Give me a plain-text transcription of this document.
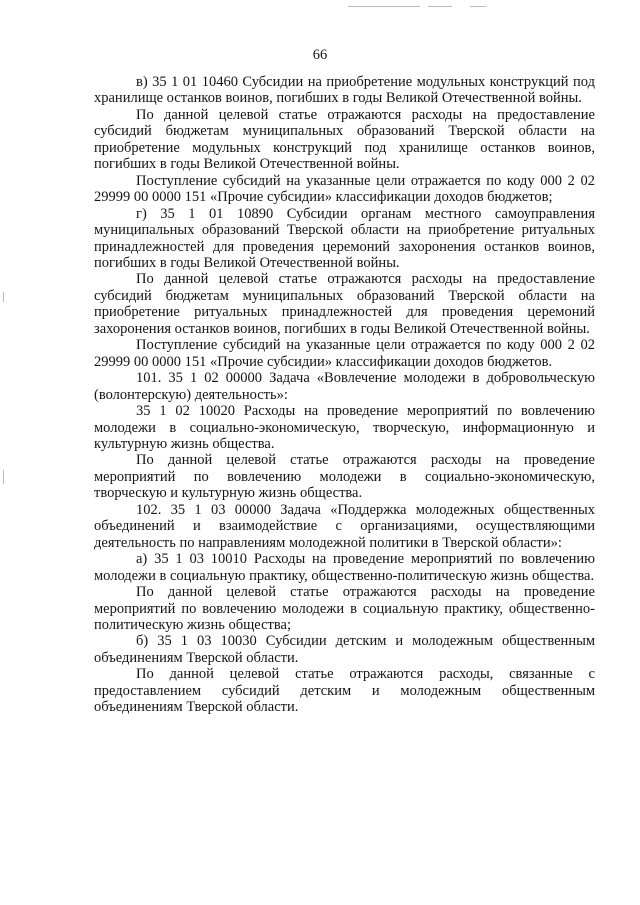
66

в) 35 1 01 10460 Субсидии на приобретение модульных конструкций под хранилище останков воинов, погибших в годы Великой Отечественной войны.

По данной целевой статье отражаются расходы на предоставление субсидий бюджетам муниципальных образований Тверской области на приобретение модульных конструкций под хранилище останков воинов, погибших в годы Великой Отечественной войны.

Поступление субсидий на указанные цели отражается по коду 000 2 02 29999 00 0000 151 «Прочие субсидии» классификации доходов бюджетов;

г) 35 1 01 10890 Субсидии органам местного самоуправления муниципальных образований Тверской области на приобретение ритуальных принадлежностей для проведения церемоний захоронения останков воинов, погибших в годы Великой Отечественной войны.

По данной целевой статье отражаются расходы на предоставление субсидий бюджетам муниципальных образований Тверской области на приобретение ритуальных принадлежностей для проведения церемоний захоронения останков воинов, погибших в годы Великой Отечественной войны.

Поступление субсидий на указанные цели отражается по коду 000 2 02 29999 00 0000 151 «Прочие субсидии» классификации доходов бюджетов.

101. 35 1 02 00000 Задача «Вовлечение молодежи в добровольческую (волонтерскую) деятельность»:

35 1 02 10020 Расходы на проведение мероприятий по вовлечению молодежи в социально-экономическую, творческую, информационную и культурную жизнь общества.

По данной целевой статье отражаются расходы на проведение мероприятий по вовлечению молодежи в социально-экономическую, творческую и культурную жизнь общества.

102. 35 1 03 00000 Задача «Поддержка молодежных общественных объединений и взаимодействие с организациями, осуществляющими деятельность по направлениям молодежной политики в Тверской области»:

а) 35 1 03 10010 Расходы на проведение мероприятий по вовлечению молодежи в социальную практику, общественно-политическую жизнь общества.

По данной целевой статье отражаются расходы на проведение мероприятий по вовлечению молодежи в социальную практику, общественно-политическую жизнь общества;

б) 35 1 03 10030 Субсидии детским и молодежным общественным объединениям Тверской области.

По данной целевой статье отражаются расходы, связанные с предоставлением субсидий детским и молодежным общественным объединениям Тверской области.
